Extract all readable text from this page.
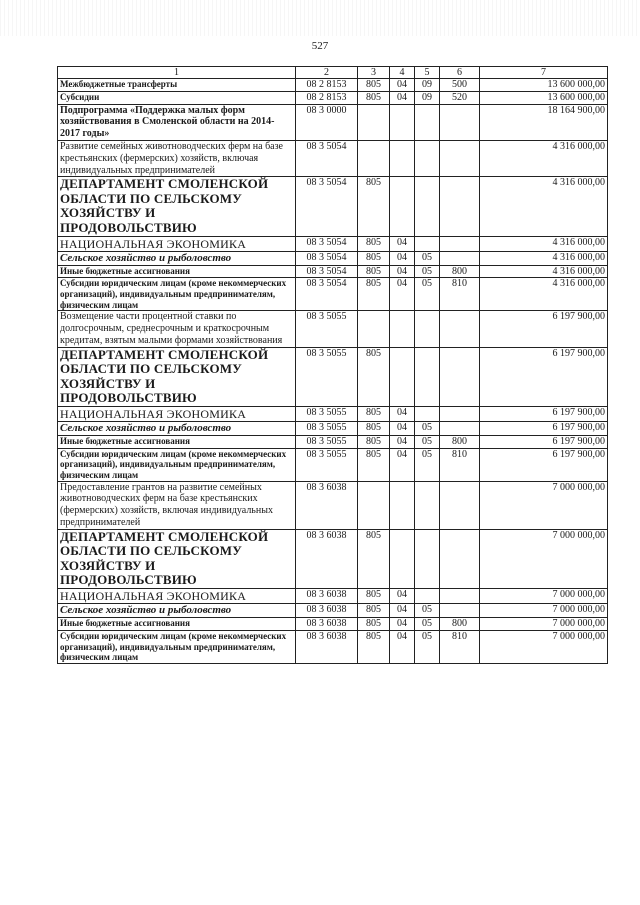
527
1	2	3	4	5	6	7
Межбюджетные трансферты	08 2 8153	805	04	09	500	13 600 000,00
Субсидии	08 2 8153	805	04	09	520	13 600 000,00
Подпрограмма «Поддержка малых форм хозяйствования в Смоленской области на 2014-2017 годы»	08 3 0000					18 164 900,00
Развитие семейных животноводческих ферм на базе крестьянских (фермерских) хозяйств, включая индивидуальных предпринимателей	08 3 5054					4 316 000,00
ДЕПАРТАМЕНТ СМОЛЕНСКОЙ ОБЛАСТИ ПО СЕЛЬСКОМУ ХОЗЯЙСТВУ И ПРОДОВОЛЬСТВИЮ	08 3 5054	805				4 316 000,00
НАЦИОНАЛЬНАЯ ЭКОНОМИКА	08 3 5054	805	04			4 316 000,00
Сельское хозяйство и рыболовство	08 3 5054	805	04	05		4 316 000,00
Иные бюджетные ассигнования	08 3 5054	805	04	05	800	4 316 000,00
Субсидии юридическим лицам (кроме некоммерческих организаций), индивидуальным предпринимателям, физическим лицам	08 3 5054	805	04	05	810	4 316 000,00
Возмещение части процентной ставки по долгосрочным, среднесрочным и краткосрочным кредитам, взятым малыми формами хозяйствования	08 3 5055					6 197 900,00
ДЕПАРТАМЕНТ СМОЛЕНСКОЙ ОБЛАСТИ ПО СЕЛЬСКОМУ ХОЗЯЙСТВУ И ПРОДОВОЛЬСТВИЮ	08 3 5055	805				6 197 900,00
НАЦИОНАЛЬНАЯ ЭКОНОМИКА	08 3 5055	805	04			6 197 900,00
Сельское хозяйство и рыболовство	08 3 5055	805	04	05		6 197 900,00
Иные бюджетные ассигнования	08 3 5055	805	04	05	800	6 197 900,00
Субсидии юридическим лицам (кроме некоммерческих организаций), индивидуальным предпринимателям, физическим лицам	08 3 5055	805	04	05	810	6 197 900,00
Предоставление грантов на развитие семейных животноводческих ферм на базе крестьянских (фермерских) хозяйств, включая индивидуальных предпринимателей	08 3 6038					7 000 000,00
ДЕПАРТАМЕНТ СМОЛЕНСКОЙ ОБЛАСТИ ПО СЕЛЬСКОМУ ХОЗЯЙСТВУ И ПРОДОВОЛЬСТВИЮ	08 3 6038	805				7 000 000,00
НАЦИОНАЛЬНАЯ ЭКОНОМИКА	08 3 6038	805	04			7 000 000,00
Сельское хозяйство и рыболовство	08 3 6038	805	04	05		7 000 000,00
Иные бюджетные ассигнования	08 3 6038	805	04	05	800	7 000 000,00
Субсидии юридическим лицам (кроме некоммерческих организаций), индивидуальным предпринимателям, физическим лицам	08 3 6038	805	04	05	810	7 000 000,00
